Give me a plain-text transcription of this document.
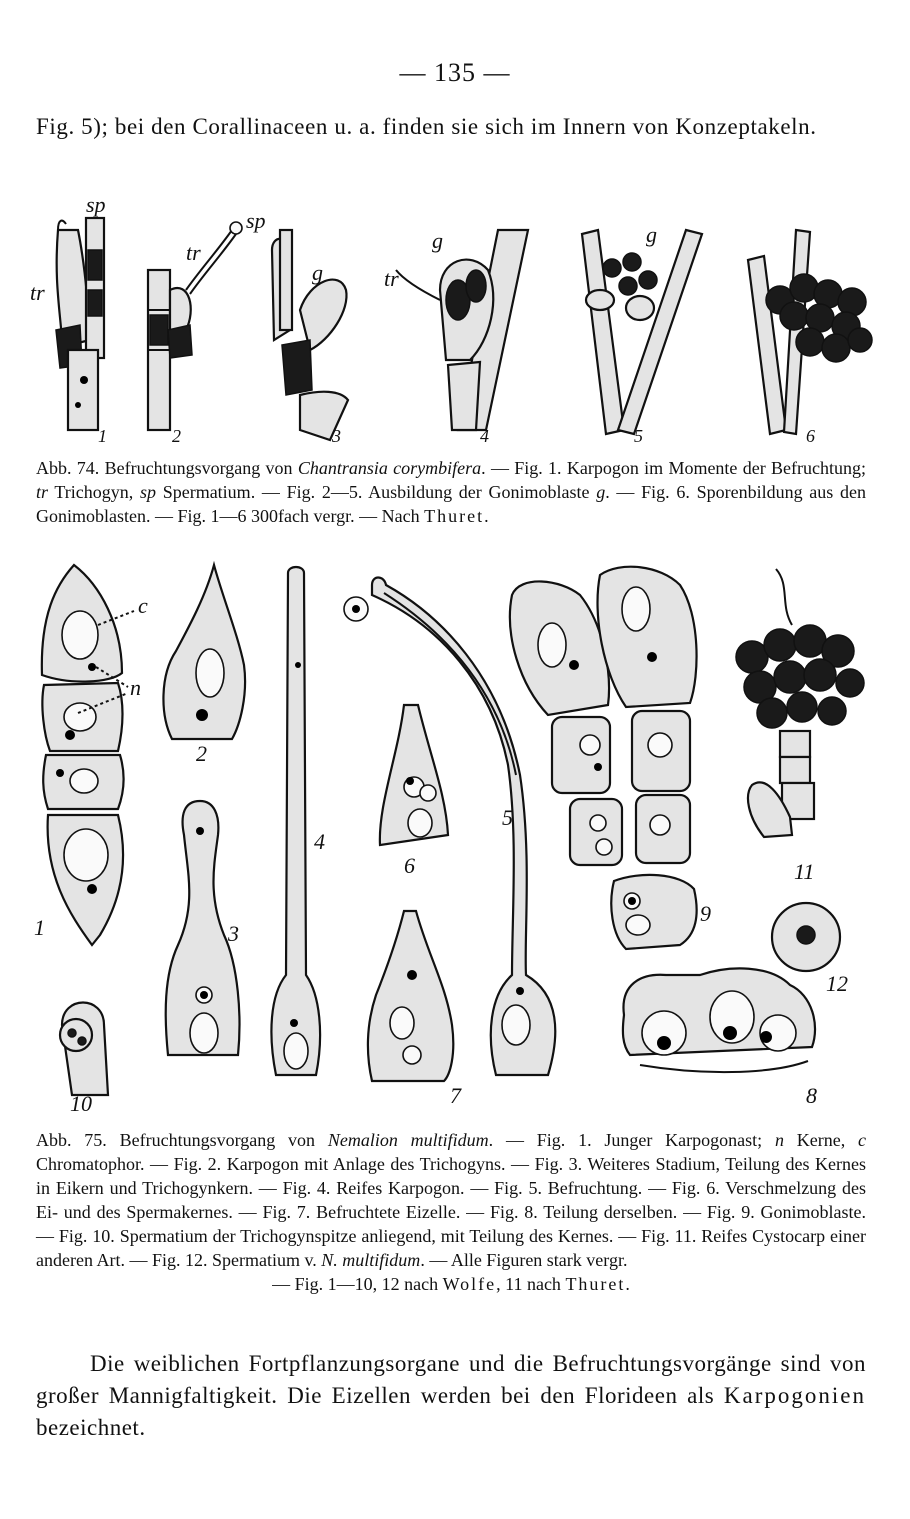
— 135 —
Fig. 5); bei den Corallinaceen u. a. finden sie sich im Innern von Konzeptakeln.
sp
tr
sp
tr
g	tr
g	g
1	2	3	4	5	6
Abb. 74. Befruchtungsvorgang von Chantransia corymbifera. — Fig. 1. Karpogon im Momente der Befruchtung; tr Trichogyn, sp Spermatium. — Fig. 2—5. Ausbildung der Gonimoblaste g. — Fig. 6. Sporenbildung aus den Gonimoblasten. — Fig. 1—6 300fach vergr. — Nach Thuret.
c
n
1
2
3
4
5
6
7	8
9
10
11
12
Abb. 75. Befruchtungsvorgang von Nemalion multifidum. — Fig. 1. Junger Karpogonast; n Kerne, c Chromatophor. — Fig. 2. Karpogon mit Anlage des Trichogyns. — Fig. 3. Weiteres Stadium, Teilung des Kernes in Eikern und Trichogynkern. — Fig. 4. Reifes Karpogon. — Fig. 5. Befruchtung. — Fig. 6. Verschmelzung des Ei- und des Spermakernes. — Fig. 7. Befruchtete Eizelle. — Fig. 8. Teilung derselben. — Fig. 9. Gonimoblaste. — Fig. 10. Spermatium der Trichogynspitze anliegend, mit Teilung des Kernes. — Fig. 11. Reifes Cystocarp einer anderen Art. — Fig. 12. Spermatium v. N. multifidum. — Alle Figuren stark vergr.
— Fig. 1—10, 12 nach Wolfe, 11 nach Thuret.
Die weiblichen Fortpflanzungsorgane und die Befruchtungsvorgänge sind von großer Mannigfaltigkeit. Die Eizellen werden bei den Florideen als Karpogonien bezeichnet.
